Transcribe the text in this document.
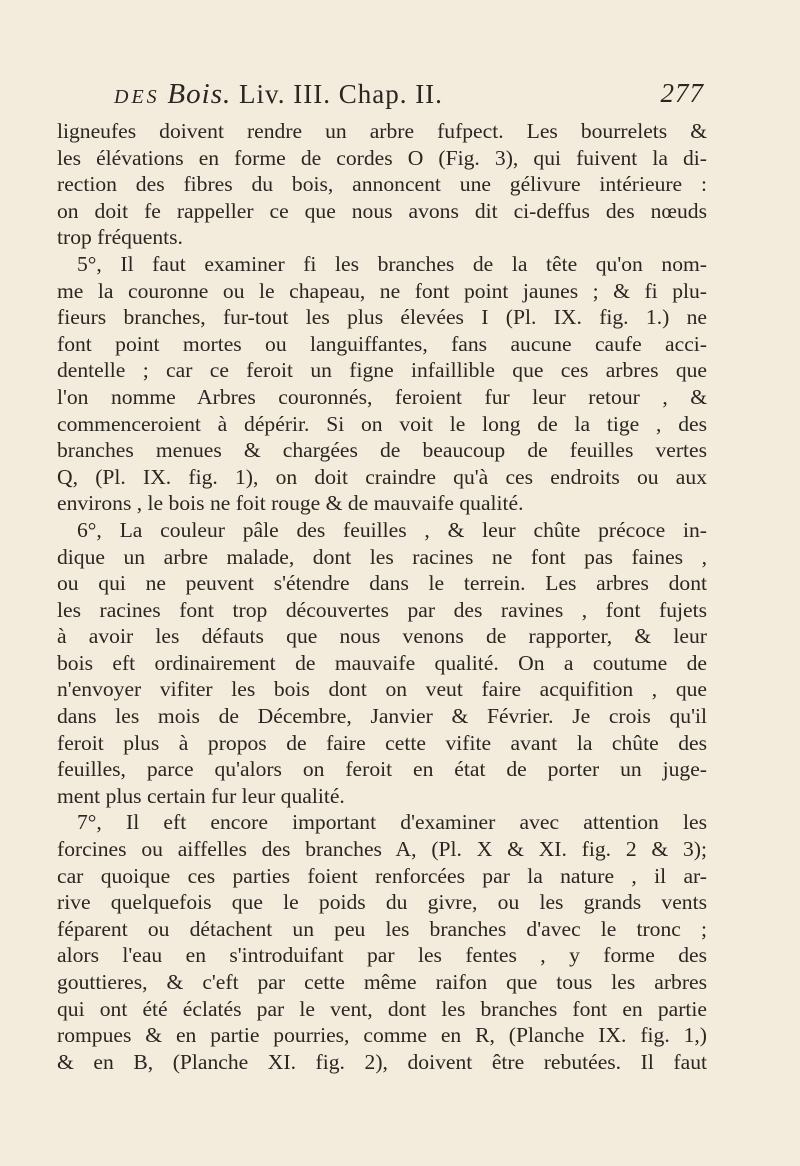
DES Bois. Liv. III. Chap. II.	277
ligneufes doivent rendre un arbre fufpect. Les bourrelets &
les élévations en forme de cordes O (Fig. 3), qui fuivent la di-
rection des fibres du bois, annoncent une gélivure intérieure :
on doit fe rappeller ce que nous avons dit ci-deffus des nœuds
trop fréquents.
5°, Il faut examiner fi les branches de la tête qu'on nom-
me la couronne ou le chapeau, ne font point jaunes ; & fi plu-
fieurs branches, fur-tout les plus élevées I (Pl. IX. fig. 1.) ne
font point mortes ou languiffantes, fans aucune caufe acci-
dentelle ; car ce feroit un figne infaillible que ces arbres que
l'on nomme Arbres couronnés, feroient fur leur retour , &
commenceroient à dépérir. Si on voit le long de la tige , des
branches menues & chargées de beaucoup de feuilles vertes
Q, (Pl. IX. fig. 1), on doit craindre qu'à ces endroits ou aux
environs , le bois ne foit rouge & de mauvaife qualité.
6°, La couleur pâle des feuilles , & leur chûte précoce in-
dique un arbre malade, dont les racines ne font pas faines ,
ou qui ne peuvent s'étendre dans le terrein. Les arbres dont
les racines font trop découvertes par des ravines , font fujets
à avoir les défauts que nous venons de rapporter, & leur
bois eft ordinairement de mauvaife qualité. On a coutume de
n'envoyer vifiter les bois dont on veut faire acquifition , que
dans les mois de Décembre, Janvier & Février. Je crois qu'il
feroit plus à propos de faire cette vifite avant la chûte des
feuilles, parce qu'alors on feroit en état de porter un juge-
ment plus certain fur leur qualité.
7°, Il eft encore important d'examiner avec attention les
forcines ou aiffelles des branches A, (Pl. X & XI. fig. 2 & 3);
car quoique ces parties foient renforcées par la nature , il ar-
rive quelquefois que le poids du givre, ou les grands vents
féparent ou détachent un peu les branches d'avec le tronc ;
alors l'eau en s'introduifant par les fentes , y forme des
gouttieres, & c'eft par cette même raifon que tous les arbres
qui ont été éclatés par le vent, dont les branches font en partie
rompues & en partie pourries, comme en R, (Planche IX. fig. 1,)
& en B, (Planche XI. fig. 2), doivent être rebutées. Il faut
